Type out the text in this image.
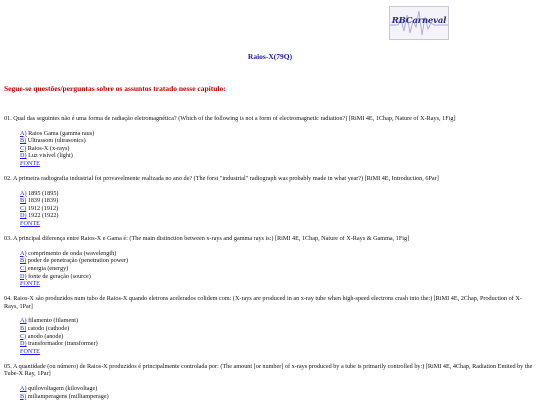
RBCarneval
Raios-X(79Q)
Segue-se questões/perguntas sobre os assuntos tratado nesse capítulo:
01. Qual das seguintes não é uma forma de radiação eletromagnética? (Which of the following is not a form of electromagnetic radiation?) [RiMI 4E, 1Chap, Nature of X-Rays, 1Fig]
A) Raios Gama (gamma raus)
B) Ultrassom (ultrasonics)
C) Raios-X (x-rays)
D) Luz visível (light)
FONTE
02. A primeira radiografia industrial foi provavelmente realizada no ano de? (The forst "industrial" radiograph was probably made in what year?) [RiMI 4E, Introduction, 6Par]
A) 1895 (1895)
B) 1839 (1839)
C) 1912 (1912)
D) 1922 (1922)
FONTE
03. A principal diferença entre Raios-X e Gama é: (The main distinction between x-rays and gamma rays is:) [RiMI 4E, 1Chap, Nature of X-Rays & Gamma, 1Fig]
A) comprimento de onda (wavelength)
B) poder de penetração (penetration power)
C) energia (energy)
D) fonte de geração (source)
FONTE
04. Raios-X são produzidos num tubo de Raios-X quando eletrons acelerados colidem com: (X-rays are produced in an x-ray tube when high-speed electrons crash into the:) [RiMI 4E, 2Chap, Production of X-Rays, 1Par]
A) filamento (filament)
B) catodo (cathode)
C) anodo (anode)
D) transformador (transformer)
FONTE
05. A quantidade (ou número) de Raios-X produzidos é principalmente controlada por: (The amount [or number] of x-rays produced by a tube is primarily controlled by:) [RiMI 4E, 4Chap, Radiation Emited by the Tube-X Ray, 1Par]
A) quilovoltagem (kilovoltage)
B) miliamperagens (milliamperage)
